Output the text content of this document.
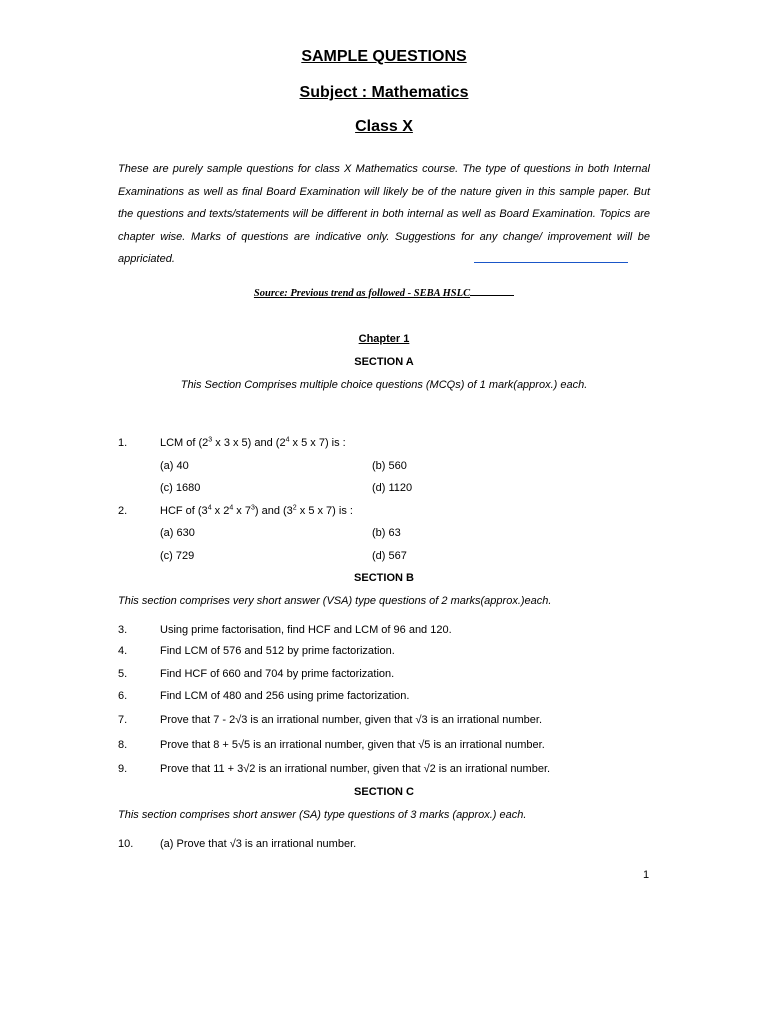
SAMPLE QUESTIONS
Subject : Mathematics
Class X
These are purely sample questions for class X Mathematics course. The type of questions in both Internal Examinations as well as final Board Examination will likely be of the nature given in this sample paper. But the questions and texts/statements will be different in both internal as well as Board Examination. Topics are chapter wise. Marks of questions are indicative only. Suggestions for any change/ improvement will be appriciated.
Source: Previous trend as followed - SEBA HSLC
Chapter 1
SECTION A
This Section Comprises multiple choice questions (MCQs) of 1 mark(approx.) each.
1.	LCM of ($2^3$ x 3 x 5) and ($2^4$ x 5 x 7) is :
(a) 40	(b) 560
(c) 1680	(d) 1120
2.	HCF of ($3^4$ x $2^4$ x $7^3$) and ($3^2$ x 5 x 7) is :
(a) 630	(b) 63
(c) 729	(d) 567
SECTION B
This section comprises very short answer (VSA) type questions of 2 marks(approx.)each.
3.	Using prime factorisation, find HCF and LCM of 96 and 120.
4.	Find LCM of 576 and 512 by prime factorization.
5.	Find HCF of 660 and 704 by prime factorization.
6.	Find LCM of 480 and 256 using prime factorization.
7.	Prove that 7 - 2√3 is an irrational number, given that √3 is an irrational number.
8.	Prove that 8 + 5√5 is an irrational number, given that √5 is an irrational number.
9.	Prove that 11 + 3√2 is an irrational number, given that √2 is an irrational number.
SECTION C
This section comprises short answer (SA) type questions of 3 marks (approx.) each.
10. (a) Prove that √3 is an irrational number.
1
